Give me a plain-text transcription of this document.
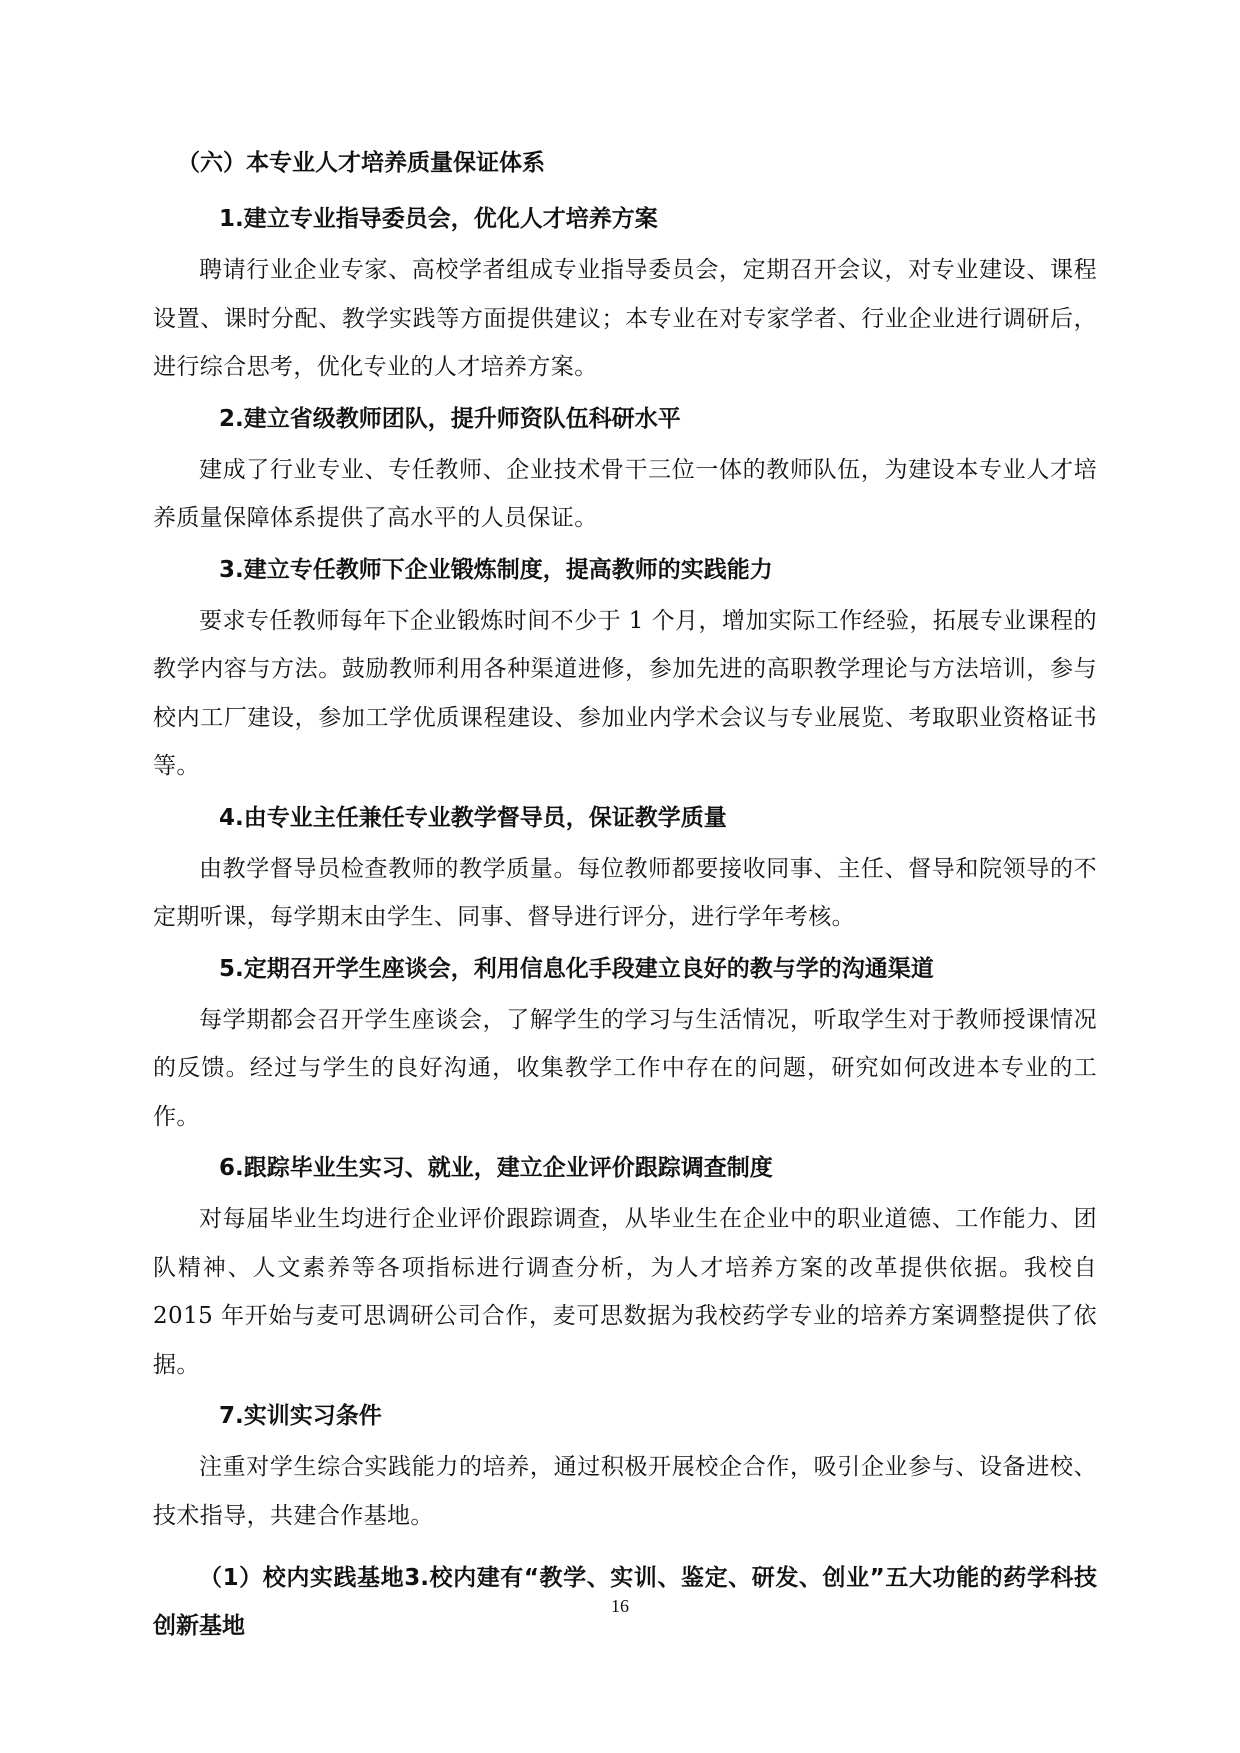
（六）本专业人才培养质量保证体系
1.建立专业指导委员会，优化人才培养方案

聘请行业企业专家、高校学者组成专业指导委员会，定期召开会议，对专业建设、课程设置、课时分配、教学实践等方面提供建议；本专业在对专家学者、行业企业进行调研后，进行综合思考，优化专业的人才培养方案。

2.建立省级教师团队，提升师资队伍科研水平

建成了行业专业、专任教师、企业技术骨干三位一体的教师队伍，为建设本专业人才培养质量保障体系提供了高水平的人员保证。

3.建立专任教师下企业锻炼制度，提高教师的实践能力

要求专任教师每年下企业锻炼时间不少于 1 个月，增加实际工作经验，拓展专业课程的教学内容与方法。鼓励教师利用各种渠道进修，参加先进的高职教学理论与方法培训，参与校内工厂建设，参加工学优质课程建设、参加业内学术会议与专业展览、考取职业资格证书等。

4.由专业主任兼任专业教学督导员，保证教学质量

由教学督导员检查教师的教学质量。每位教师都要接收同事、主任、督导和院领导的不定期听课，每学期末由学生、同事、督导进行评分，进行学年考核。

5.定期召开学生座谈会，利用信息化手段建立良好的教与学的沟通渠道

每学期都会召开学生座谈会，了解学生的学习与生活情况，听取学生对于教师授课情况的反馈。经过与学生的良好沟通，收集教学工作中存在的问题，研究如何改进本专业的工作。

6.跟踪毕业生实习、就业，建立企业评价跟踪调查制度

对每届毕业生均进行企业评价跟踪调查，从毕业生在企业中的职业道德、工作能力、团队精神、人文素养等各项指标进行调查分析，为人才培养方案的改革提供依据。我校自 2015 年开始与麦可思调研公司合作，麦可思数据为我校药学专业的培养方案调整提供了依据。

7.实训实习条件

注重对学生综合实践能力的培养，通过积极开展校企合作，吸引企业参与、设备进校、技术指导，共建合作基地。

（1）校内实践基地3.校内建有“教学、实训、鉴定、研发、创业”五大功能的药学科技创新基地

16
